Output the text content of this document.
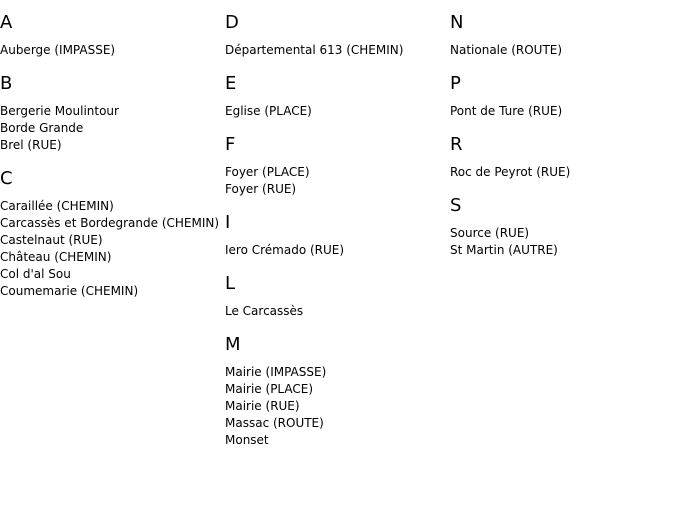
A
Auberge (IMPASSE)
B
Bergerie Moulintour
Borde Grande
Brel (RUE)
C
Caraillée (CHEMIN)
Carcassès et Bordegrande (CHEMIN)
Castelnaut (RUE)
Château (CHEMIN)
Col d'al Sou
Coumemarie (CHEMIN)
D
Départemental 613 (CHEMIN)
E
Eglise (PLACE)
F
Foyer (PLACE)
Foyer (RUE)
I
Iero Crémado (RUE)
L
Le Carcassès
M
Mairie (IMPASSE)
Mairie (PLACE)
Mairie (RUE)
Massac (ROUTE)
Monset
N
Nationale (ROUTE)
P
Pont de Ture (RUE)
R
Roc de Peyrot (RUE)
S
Source (RUE)
St Martin (AUTRE)
